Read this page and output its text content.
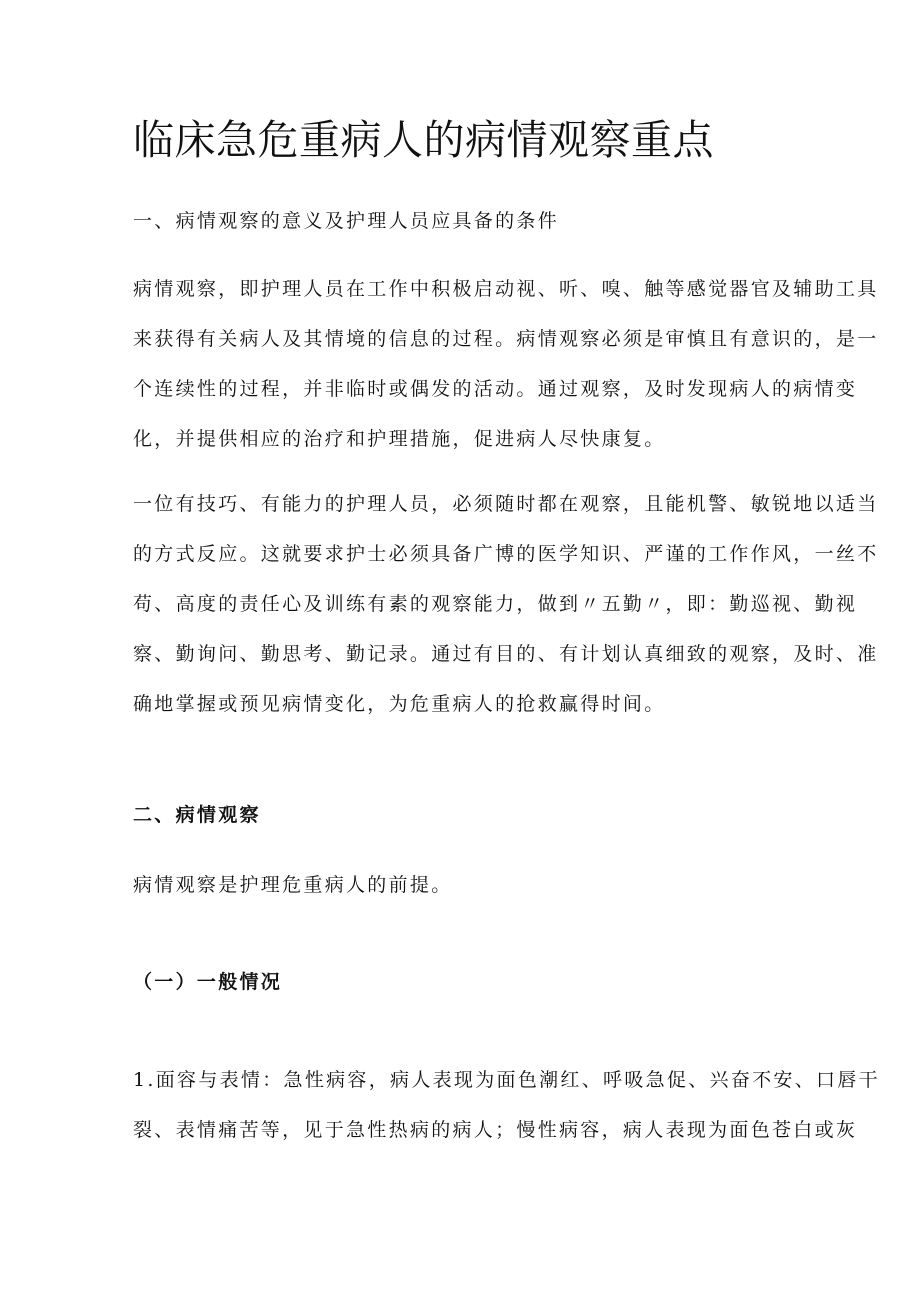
临床急危重病人的病情观察重点
一、病情观察的意义及护理人员应具备的条件
病情观察，即护理人员在工作中积极启动视、听、嗅、触等感觉器官及辅助工具
来获得有关病人及其情境的信息的过程。病情观察必须是审慎且有意识的，是一
个连续性的过程，并非临时或偶发的活动。通过观察，及时发现病人的病情变
化，并提供相应的治疗和护理措施，促进病人尽快康复。
一位有技巧、有能力的护理人员，必须随时都在观察，且能机警、敏锐地以适当
的方式反应。这就要求护士必须具备广博的医学知识、严谨的工作作风，一丝不
苟、高度的责任心及训练有素的观察能力，做到〃五勤〃，即：勤巡视、勤视
察、勤询问、勤思考、勤记录。通过有目的、有计划认真细致的观察，及时、准
确地掌握或预见病情变化，为危重病人的抢救赢得时间。
二、病情观察
病情观察是护理危重病人的前提。
（一）一般情况
1.面容与表情：急性病容，病人表现为面色潮红、呼吸急促、兴奋不安、口唇干
裂、表情痛苦等，见于急性热病的病人；慢性病容，病人表现为面色苍白或灰
